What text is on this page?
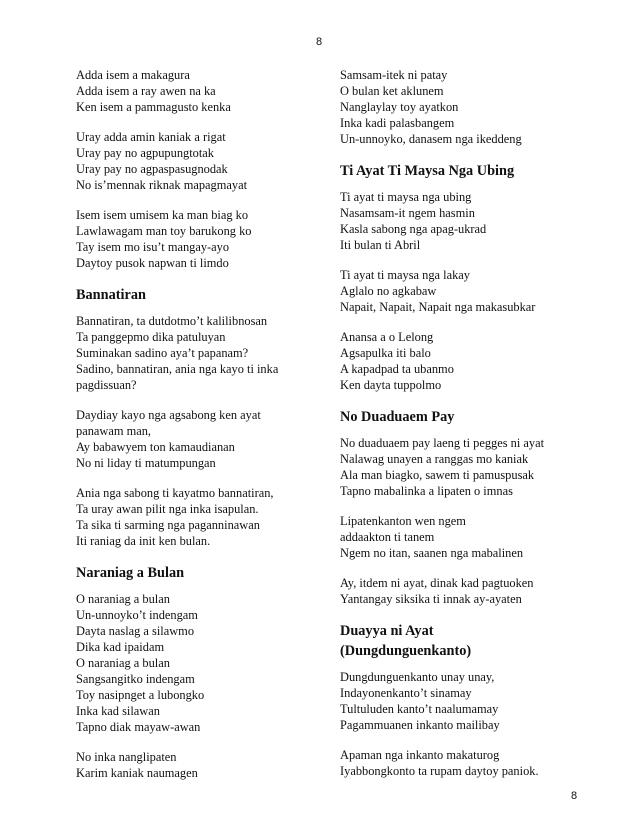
8
Adda isem a makagura
Adda isem a ray awen na ka
Ken isem a pammagusto kenka
Uray adda amin kaniak a rigat
Uray pay no agpupungtotak
Uray pay no agpaspasugnodak
No is’mennak riknak mapagmayat
Isem isem umisem ka man biag ko
Lawlawagam man toy barukong ko
Tay isem mo isu’t mangay-ayo
Daytoy pusok napwan ti limdo
Bannatiran
Bannatiran, ta dutdotmo’t kalilibnosan
Ta panggepmo dika patuluyan
Suminakan sadino aya’t papanam?
Sadino, bannatiran, ania nga kayo ti inka
pagdissuan?
Daydiay kayo nga agsabong ken ayat
panawam man,
Ay babawyem ton kamaudianan
No ni liday ti matumpungan
Ania nga sabong ti kayatmo bannatiran,
Ta uray awan pilit nga inka isapulan.
Ta sika ti sarming nga paganninawan
Iti raniag da init ken bulan.
Naraniag a Bulan
O naraniag a bulan
Un-unnoyko’t indengam
Dayta naslag a silawmo
Dika kad ipaidam
O naraniag a bulan
Sangsangitko indengam
Toy nasipnget a lubongko
Inka kad silawan
Tapno diak mayaw-awan
No inka nanglipaten
Karim kaniak naumagen
Samsam-itek ni patay
O bulan ket aklunem
Nanglaylay toy ayatkon
Inka kadi palasbangem
Un-unnoyko, danasem nga ikeddeng
Ti Ayat Ti Maysa Nga Ubing
Ti ayat ti maysa nga ubing
Nasamsam-it ngem hasmin
Kasla sabong nga apag-ukrad
Iti bulan ti Abril
Ti ayat ti maysa nga lakay
Aglalo no agkabaw
Napait, Napait, Napait nga makasubkar
Anansa a o Lelong
Agsapulka iti balo
A kapadpad ta ubanmo
Ken dayta tuppolmo
No Duaduaem Pay
No duaduaem pay laeng ti pegges ni ayat
Nalawag unayen a ranggas mo kaniak
Ala man biagko, sawem ti pamuspusak
Tapno mabalinka a lipaten o imnas
Lipatenkanton wen ngem
addaakton ti tanem
Ngem no itan, saanen nga mabalinen
Ay, itdem ni ayat, dinak kad pagtuoken
Yantangay siksika ti innak ay-ayaten
Duayya ni Ayat
(Dungdunguenkanto)
Dungdunguenkanto unay unay,
Indayonenkanto’t sinamay
Tultuluden kanto’t naalumamay
Pagammuanen inkanto mailibay
Apaman nga inkanto makaturog
Iyabbongkonto ta rupam daytoy paniok.
8
